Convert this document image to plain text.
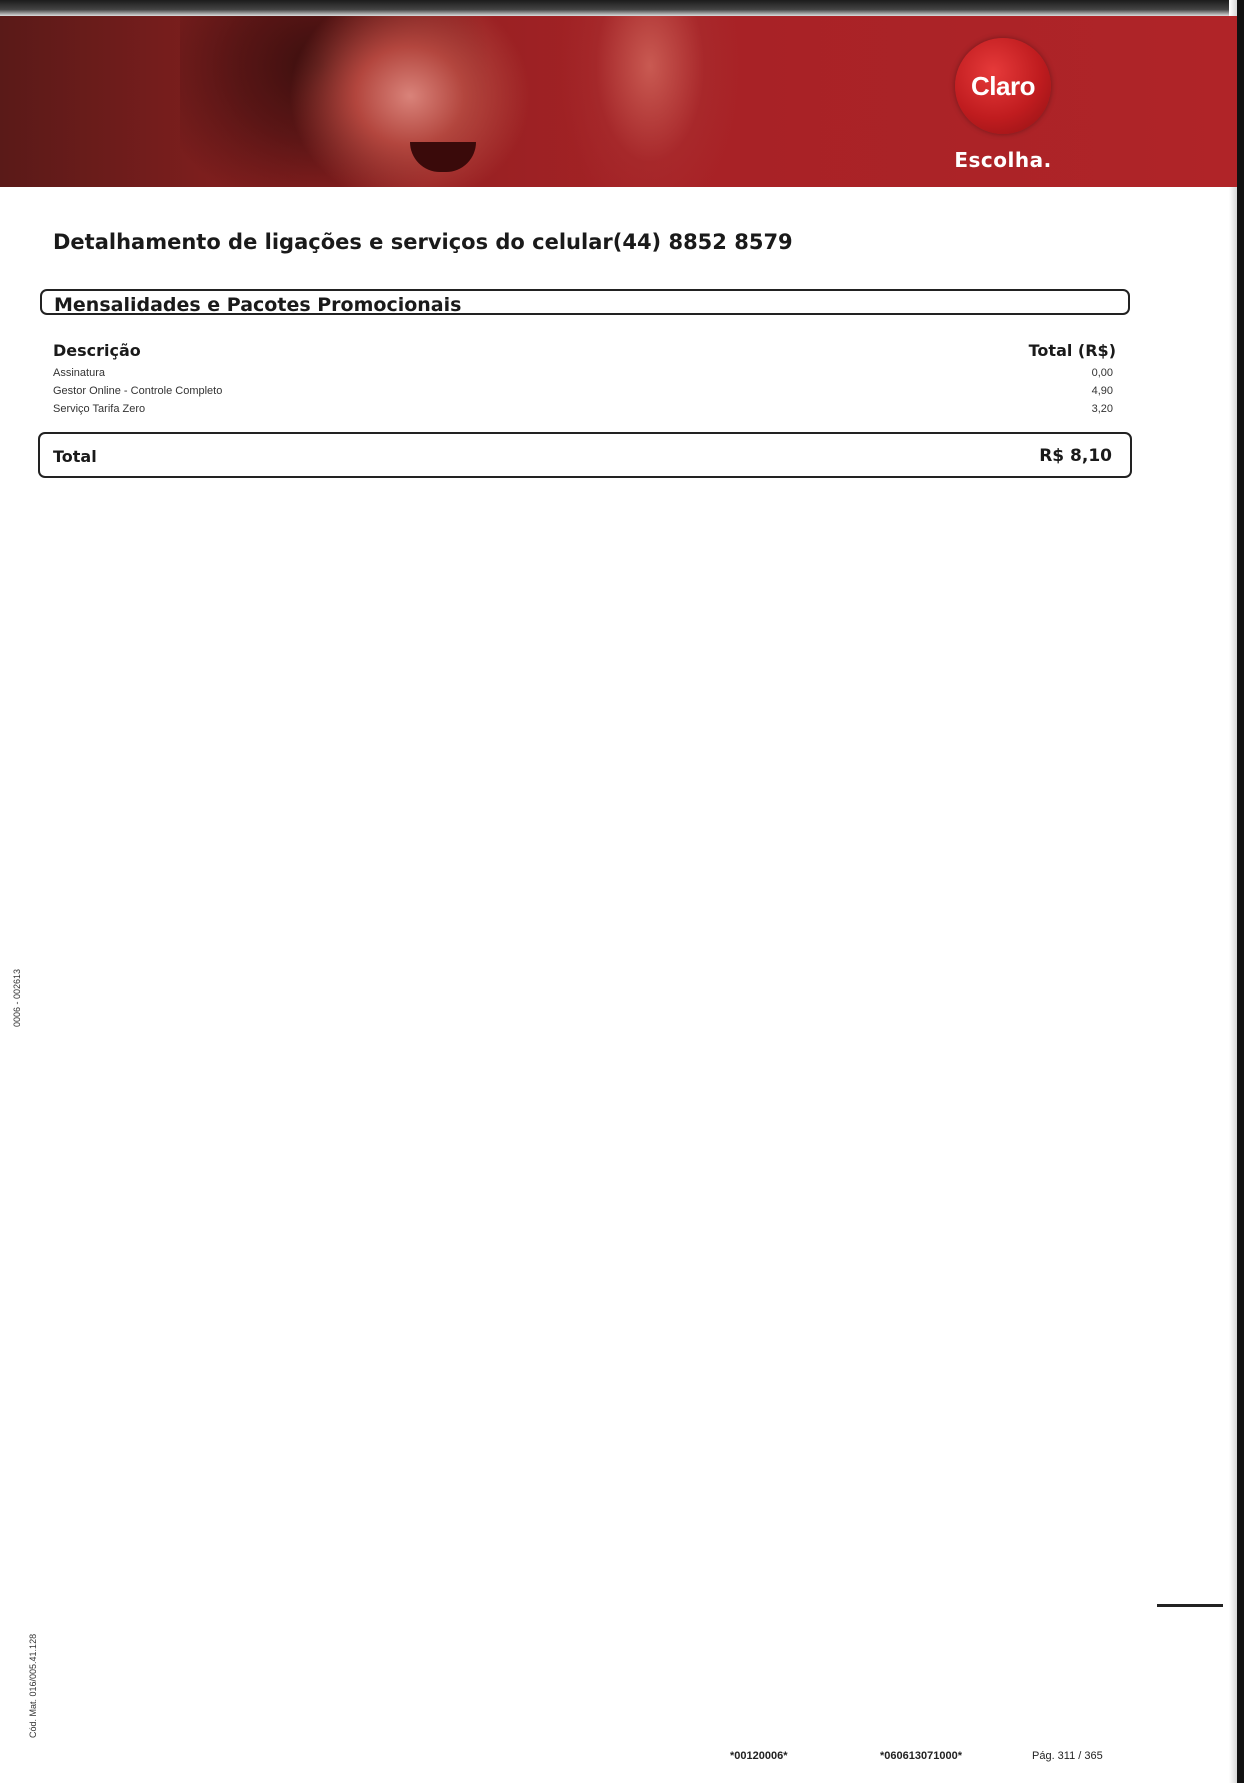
Claro
Escolha.
Detalhamento de ligações e serviços do celular(44) 8852 8579
Mensalidades e Pacotes Promocionais
Descrição	Total (R$)
Assinatura	0,00
Gestor Online - Controle Completo	4,90
Serviço Tarifa Zero	3,20
Total	R$ 8,10
0006 - 002613
Cód. Mat. 016/005.41.128
*00120006*	*060613071000*	Pág. 311 / 365
